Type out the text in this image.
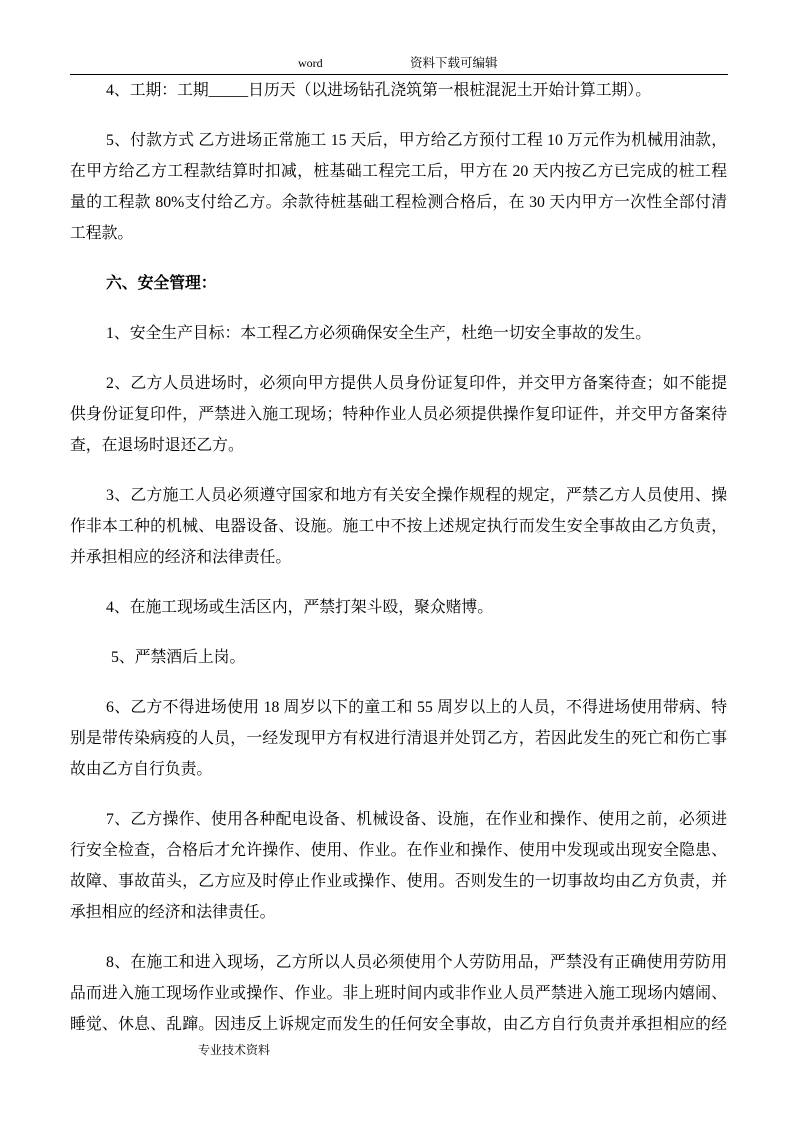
word	资料下载可编辑
4、工期：工期_____日历天（以进场钻孔浇筑第一根桩混泥土开始计算工期）。
5、付款方式 乙方进场正常施工 15 天后，甲方给乙方预付工程 10 万元作为机械用油款，
在甲方给乙方工程款结算时扣减，桩基础工程完工后，甲方在 20 天内按乙方已完成的桩工程
量的工程款 80%支付给乙方。余款待桩基础工程检测合格后，在 30 天内甲方一次性全部付清
工程款。
六、安全管理：
1、安全生产目标：本工程乙方必须确保安全生产，杜绝一切安全事故的发生。
2、乙方人员进场时，必须向甲方提供人员身份证复印件，并交甲方备案待查；如不能提
供身份证复印件，严禁进入施工现场；特种作业人员必须提供操作复印证件，并交甲方备案待
查，在退场时退还乙方。
3、乙方施工人员必须遵守国家和地方有关安全操作规程的规定，严禁乙方人员使用、操
作非本工种的机械、电器设备、设施。施工中不按上述规定执行而发生安全事故由乙方负责，
并承担相应的经济和法律责任。
4、在施工现场或生活区内，严禁打架斗殴，聚众赌博。
5、严禁酒后上岗。
6、乙方不得进场使用 18 周岁以下的童工和 55 周岁以上的人员，不得进场使用带病、特
别是带传染病疫的人员，一经发现甲方有权进行清退并处罚乙方，若因此发生的死亡和伤亡事
故由乙方自行负责。
7、乙方操作、使用各种配电设备、机械设备、设施，在作业和操作、使用之前，必须进
行安全检查，合格后才允许操作、使用、作业。在作业和操作、使用中发现或出现安全隐患、
故障、事故苗头，乙方应及时停止作业或操作、使用。否则发生的一切事故均由乙方负责，并
承担相应的经济和法律责任。
8、在施工和进入现场，乙方所以人员必须使用个人劳防用品，严禁没有正确使用劳防用
品而进入施工现场作业或操作、作业。非上班时间内或非作业人员严禁进入施工现场内嬉闹、
睡觉、休息、乱蹿。因违反上诉规定而发生的任何安全事故，由乙方自行负责并承担相应的经
专业技术资料
